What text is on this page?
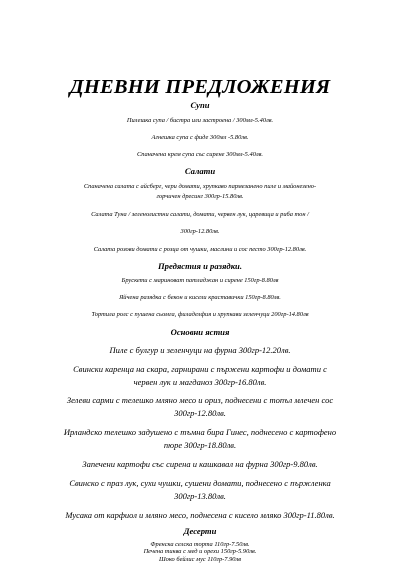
ДНЕВНИ ПРЕДЛОЖЕНИЯ
Супи
Пилешка супа / бистра или застроена / 300мл-5.40лв.
Агнешка супа с фиде 300мл -5.80лв.
Спаначена крем супа със сирене 300мл-5.40лв.
Салати
Спаначена салата с айсберг, чери домати, хрупкаво пармезанено пиле и майонезено-
горчичен дресинг 300гр-15.80лв.
Салата Туна / зеленолистни салати, домати, червен лук, царевица и риба тон /
300гр-12.80лв.
Салата розови домати с розца от чушки, маслини и сос песто 300гр-12.80лв.
Предястия и разядки.
Брускети с мариноват патладжан и сирене 150гр-8.80лв
Яйчена разядка с бекон и кисели краставички 150гр-8.80лв.
Тортила ролс с пушена сьомга, филаделфия и хрупкави зеленчуци 200гр-14.80лв
Основни ястия
Пиле с булгур и зеленчуци на фурна 300гр-12.20лв.
Свински каренца на скара, гарнирани с пържени картофи и домати с
червен лук и магданоз 300гр-16.80лв.
Зелеви сарми с телешко мляно месо и ориз, поднесени с топъл млечен сос
300гр-12.80лв.
Ирландско телешко задушено с тъмна бира Гинес, поднесено с картофено
пюре 300гр-18.80лв.
Запечени картофи със сирена и кашкавал на фурна 300гр-9.80лв.
Свинско с праз лук, сухи чушки, сушени домати, поднесено с пържленка
300гр-13.80лв.
Мусака от карфиол и мляно месо, поднесена с кисело мляко 300гр-11.80лв.
Десерти
Френска селска торта 110гр-7.50лв.
Печена тиква с мед и орехи 150гр-5.90лв.
Шоко бейлис мус 110гр-7.90лв
